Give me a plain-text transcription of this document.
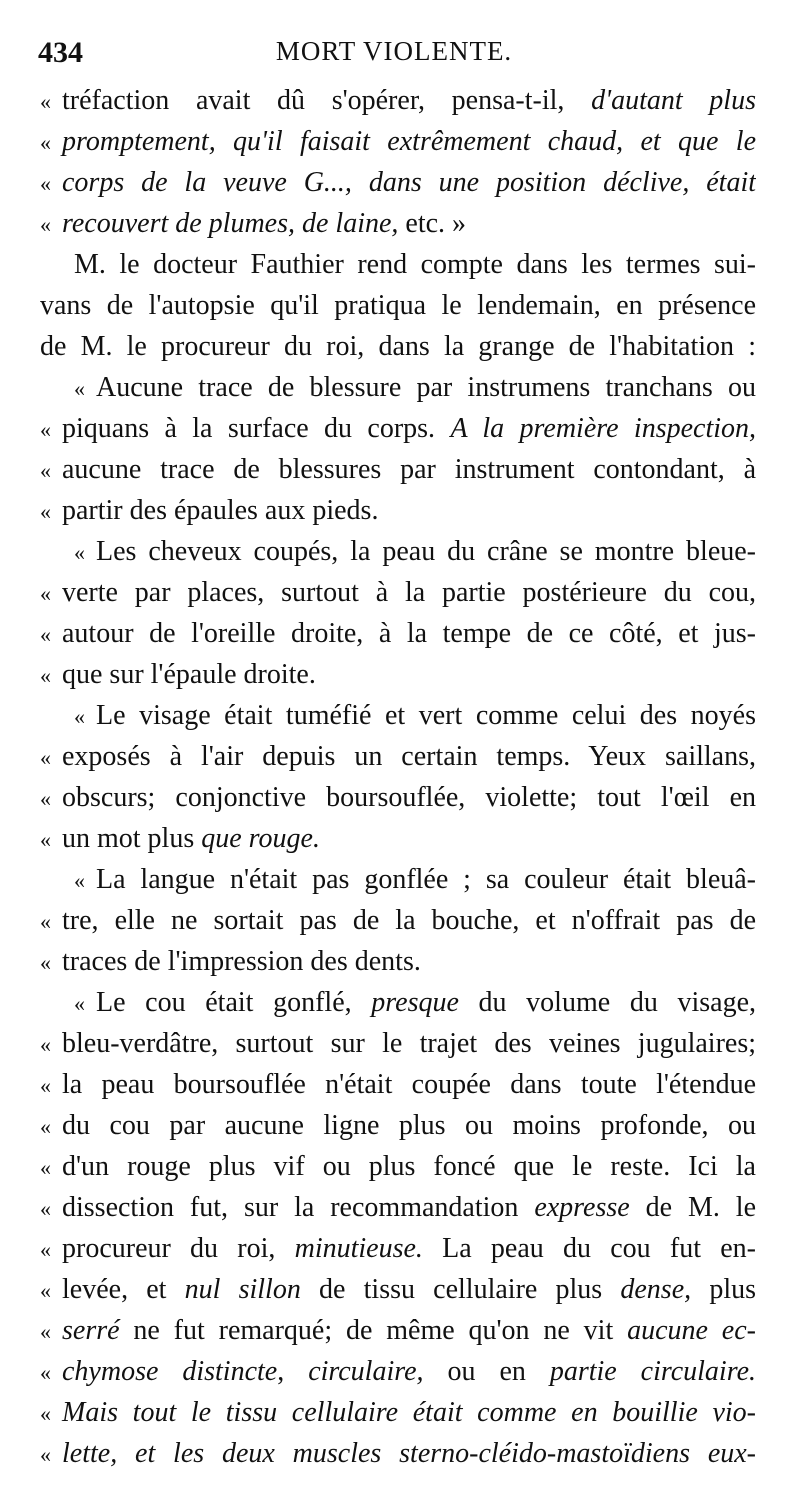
434	MORT VIOLENTE.
« tréfaction avait dû s'opérer, pensa-t-il, d'autant plus
« promptement, qu'il faisait extrêmement chaud, et que le
« corps de la veuve G..., dans une position déclive, était
« recouvert de plumes, de laine, etc. »
M. le docteur Fauthier rend compte dans les termes sui-
vans de l'autopsie qu'il pratiqua le lendemain, en présence
de M. le procureur du roi, dans la grange de l'habitation :
« Aucune trace de blessure par instrumens tranchans ou
« piquans à la surface du corps. A la première inspection,
« aucune trace de blessures par instrument contondant, à
« partir des épaules aux pieds.
« Les cheveux coupés, la peau du crâne se montre bleue-
« verte par places, surtout à la partie postérieure du cou,
« autour de l'oreille droite, à la tempe de ce côté, et jus-
« que sur l'épaule droite.
« Le visage était tuméfié et vert comme celui des noyés
« exposés à l'air depuis un certain temps. Yeux saillans,
« obscurs; conjonctive boursouflée, violette; tout l'œil en
« un mot plus que rouge.
« La langue n'était pas gonflée ; sa couleur était bleuâ-
« tre, elle ne sortait pas de la bouche, et n'offrait pas de
« traces de l'impression des dents.
« Le cou était gonflé, presque du volume du visage,
« bleu-verdâtre, surtout sur le trajet des veines jugulaires;
« la peau boursouflée n'était coupée dans toute l'étendue
« du cou par aucune ligne plus ou moins profonde, ou
« d'un rouge plus vif ou plus foncé que le reste. Ici la
« dissection fut, sur la recommandation expresse de M. le
« procureur du roi, minutieuse. La peau du cou fut en-
« levée, et nul sillon de tissu cellulaire plus dense, plus
« serré ne fut remarqué; de même qu'on ne vit aucune ec-
« chymose distincte, circulaire, ou en partie circulaire.
« Mais tout le tissu cellulaire était comme en bouillie vio-
« lette, et les deux muscles sterno-cléido-mastoïdiens eux-
